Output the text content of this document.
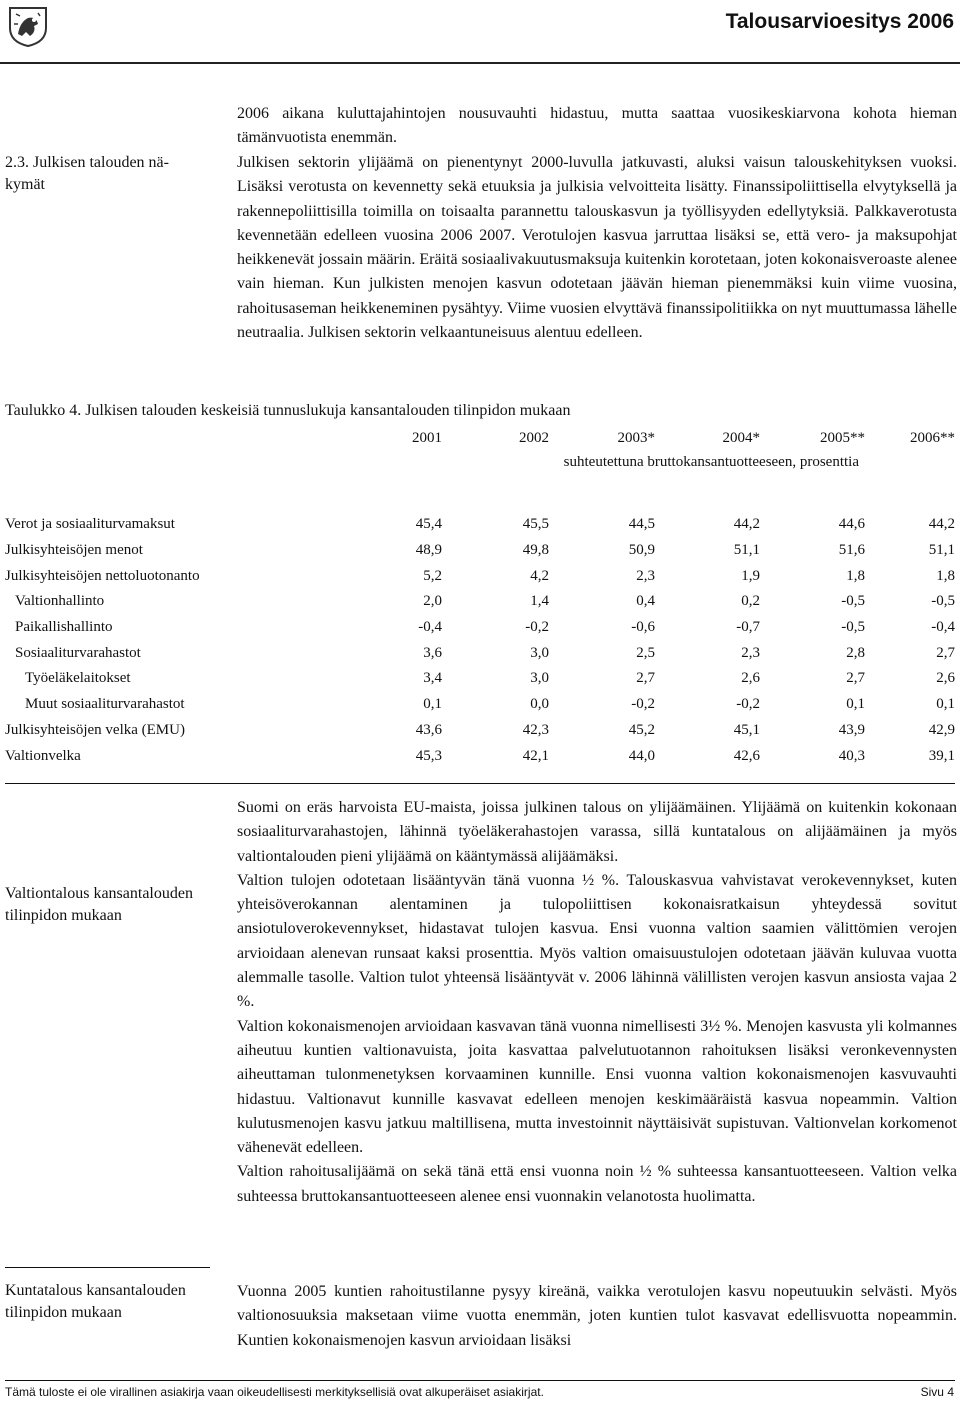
Talousarvioesitys 2006

2006 aikana kuluttajahintojen nousuvauhti hidastuu, mutta saattaa vuosikeskiarvona kohota hieman tämänvuotista enemmän.

2.3. Julkisen talouden nä-
kymät

Julkisen sektorin ylijäämä on pienentynyt 2000-luvulla jatkuvasti, aluksi vaisun talouskehityksen vuoksi. Lisäksi verotusta on kevennetty sekä etuuksia ja julkisia velvoitteita lisätty. Finanssipoliittisella elvytyksellä ja rakennepoliittisilla toimilla on toisaalta parannettu talouskasvun ja työllisyyden edellytyksiä. Palkkaverotusta kevennetään edelleen vuosina 2006 2007. Verotulojen kasvua jarruttaa lisäksi se, että vero- ja maksupohjat heikkenevät jossain määrin. Eräitä sosiaalivakuutusmaksuja kuitenkin korotetaan, joten kokonaisveroaste alenee vain hieman. Kun julkisten menojen kasvun odotetaan jäävän hieman pienemmäksi kuin viime vuosina, rahoitusaseman heikkeneminen pysähtyy. Viime vuosien elvyttävä finanssipolitiikka on nyt muuttumassa lähelle neutraalia. Julkisen sektorin velkaantuneisuus alentuu edelleen.

Taulukko 4. Julkisen talouden keskeisiä tunnuslukuja kansantalouden tilinpidon mukaan
	2001	2002	2003*	2004*	2005**	2006**
suhteutettuna bruttokansantuotteeseen, prosenttia						

Verot ja sosiaaliturvamaksut	45,4	45,5	44,5	44,2	44,6	44,2
Julkisyhteisöjen menot	48,9	49,8	50,9	51,1	51,6	51,1
Julkisyhteisöjen nettoluotonanto	5,2	4,2	2,3	1,9	1,8	1,8
Valtionhallinto	2,0	1,4	0,4	0,2	-0,5	-0,5
Paikallishallinto	-0,4	-0,2	-0,6	-0,7	-0,5	-0,4
Sosiaaliturvarahastot	3,6	3,0	2,5	2,3	2,8	2,7
Työeläkelaitokset	3,4	3,0	2,7	2,6	2,7	2,6
Muut sosiaaliturvarahastot	0,1	0,0	-0,2	-0,2	0,1	0,1
Julkisyhteisöjen velka (EMU)	43,6	42,3	45,2	45,1	43,9	42,9
Valtionvelka	45,3	42,1	44,0	42,6	40,3	39,1
Valtiontalous kansantalouden tilinpidon mukaan

Suomi on eräs harvoista EU-maista, joissa julkinen talous on ylijäämäinen. Ylijäämä on kuitenkin kokonaan sosiaaliturvarahastojen, lähinnä työeläkerahastojen varassa, sillä kuntatalous on alijäämäinen ja myös valtiontalouden pieni ylijäämä on kääntymässä alijäämäksi.

Valtion tulojen odotetaan lisääntyvän tänä vuonna ½ %. Talouskasvua vahvistavat verokevennykset, kuten yhteisöverokannan alentaminen ja tulopoliittisen kokonaisratkaisun yhteydessä sovitut ansiotuloverokevennykset, hidastavat tulojen kasvua. Ensi vuonna valtion saamien välittömien verojen arvioidaan alenevan runsaat kaksi prosenttia. Myös valtion omaisuustulojen odotetaan jäävän kuluvaa vuotta alemmalle tasolle. Valtion tulot yhteensä lisääntyvät v. 2006 lähinnä välillisten verojen kasvun ansiosta vajaa 2 %.

Valtion kokonaismenojen arvioidaan kasvavan tänä vuonna nimellisesti 3½ %. Menojen kasvusta yli kolmannes aiheutuu kuntien valtionavuista, joita kasvattaa palvelutuotannon rahoituksen lisäksi veronkevennysten aiheuttaman tulonmenetyksen korvaaminen kunnille. Ensi vuonna valtion kokonaismenojen kasvuvauhti hidastuu. Valtionavut kunnille kasvavat edelleen menojen keskimääräistä kasvua nopeammin. Valtion kulutusmenojen kasvu jatkuu maltillisena, mutta investoinnit näyttäisivät supistuvan. Valtionvelan korkomenot vähenevät edelleen.

Valtion rahoitusalijäämä on sekä tänä että ensi vuonna noin ½ % suhteessa kansantuotteeseen. Valtion velka suhteessa bruttokansantuotteeseen alenee ensi vuonnakin velanotosta huolimatta.

Kuntatalous kansantalouden tilinpidon mukaan

Vuonna 2005 kuntien rahoitustilanne pysyy kireänä, vaikka verotulojen kasvu nopeutuukin selvästi. Myös valtionosuuksia maksetaan viime vuotta enemmän, joten kuntien tulot kasvavat edellisvuotta nopeammin. Kuntien kokonaismenojen kasvun arvioidaan lisäksi

Tämä tuloste ei ole virallinen asiakirja vaan oikeudellisesti merkityksellisiä ovat alkuperäiset asiakirjat.	Sivu 4
